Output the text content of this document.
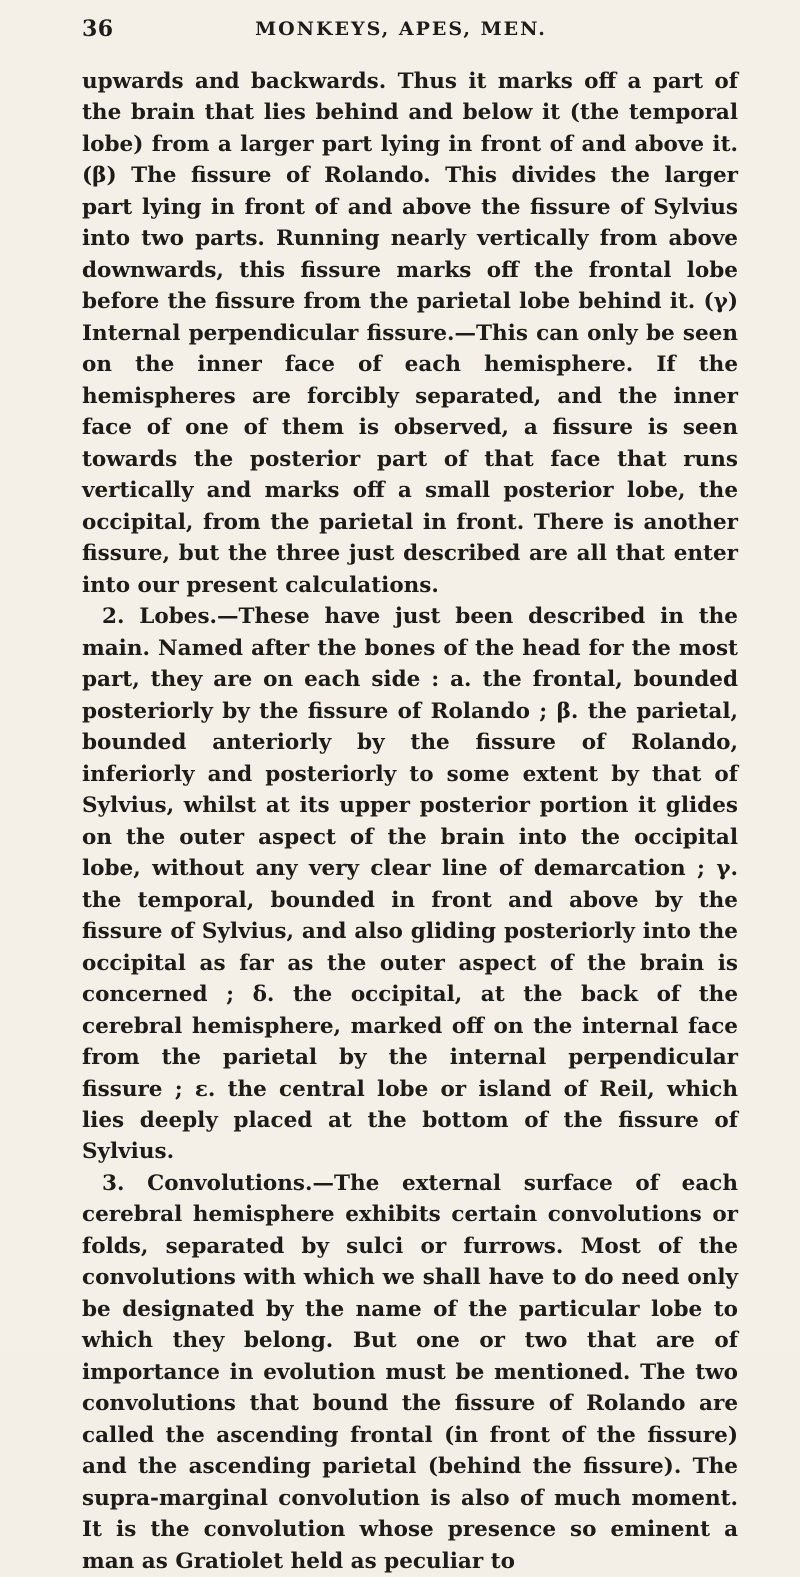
36	MONKEYS, APES, MEN.

upwards and backwards. Thus it marks off a part of the brain that lies behind and below it (the temporal lobe) from a larger part lying in front of and above it. (β) The fissure of Rolando. This divides the larger part lying in front of and above the fissure of Sylvius into two parts. Running nearly vertically from above downwards, this fissure marks off the frontal lobe before the fissure from the parietal lobe behind it. (γ) Internal perpendicular fissure.—This can only be seen on the inner face of each hemisphere. If the hemispheres are forcibly separated, and the inner face of one of them is observed, a fissure is seen towards the posterior part of that face that runs vertically and marks off a small posterior lobe, the occipital, from the parietal in front. There is another fissure, but the three just described are all that enter into our present calculations.

2. Lobes.—These have just been described in the main. Named after the bones of the head for the most part, they are on each side : a. the frontal, bounded posteriorly by the fissure of Rolando ; β. the parietal, bounded anteriorly by the fissure of Rolando, inferiorly and posteriorly to some extent by that of Sylvius, whilst at its upper posterior portion it glides on the outer aspect of the brain into the occipital lobe, without any very clear line of demarcation ; γ. the temporal, bounded in front and above by the fissure of Sylvius, and also gliding posteriorly into the occipital as far as the outer aspect of the brain is concerned ; δ. the occipital, at the back of the cerebral hemisphere, marked off on the internal face from the parietal by the internal perpendicular fissure ; ε. the central lobe or island of Reil, which lies deeply placed at the bottom of the fissure of Sylvius.

3. Convolutions.—The external surface of each cerebral hemisphere exhibits certain convolutions or folds, separated by sulci or furrows. Most of the convolutions with which we shall have to do need only be designated by the name of the particular lobe to which they belong. But one or two that are of importance in evolution must be mentioned. The two convolutions that bound the fissure of Rolando are called the ascending frontal (in front of the fissure) and the ascending parietal (behind the fissure). The supra-marginal convolution is also of much moment. It is the convolution whose presence so eminent a man as Gratiolet held as peculiar to
